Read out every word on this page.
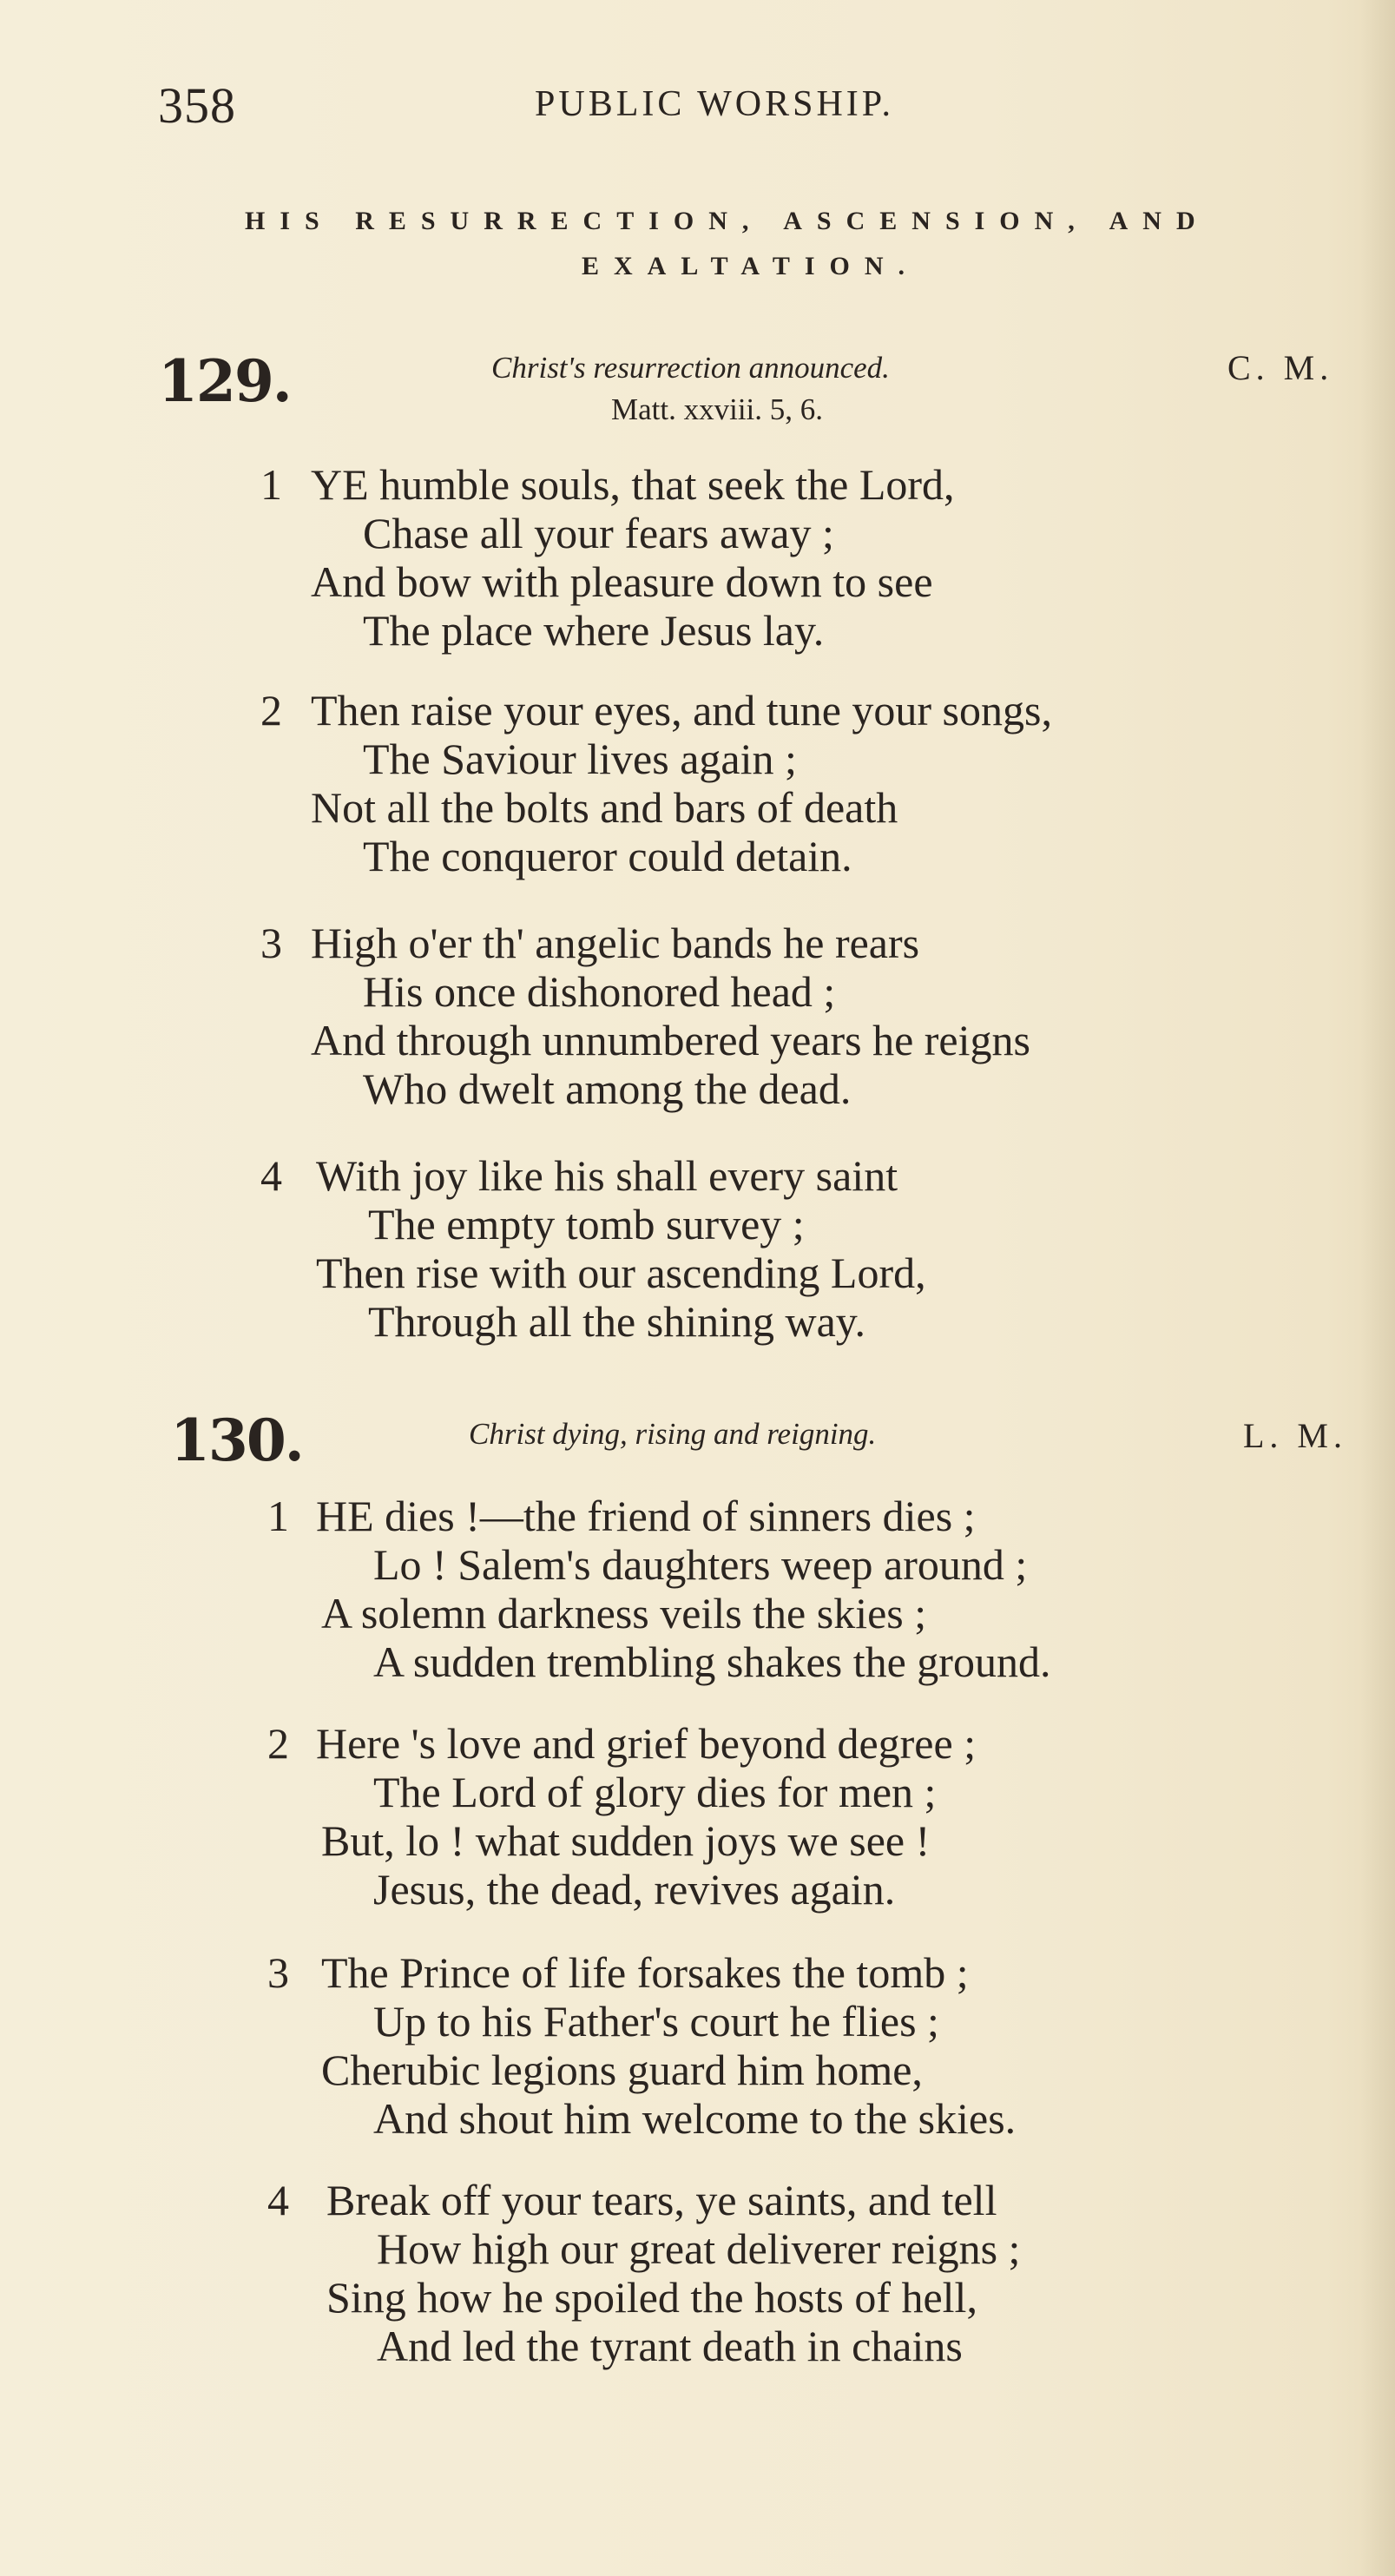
358	PUBLIC WORSHIP.
HIS RESURRECTION, ASCENSION, AND
EXALTATION.
129.	Christ's resurrection announced.	C. M.
Matt. xxviii. 5, 6.
1 YE humble souls, that seek the Lord,
Chase all your fears away ;
And bow with pleasure down to see
The place where Jesus lay.
2 Then raise your eyes, and tune your songs,
The Saviour lives again ;
Not all the bolts and bars of death
The conqueror could detain.
3 High o'er th' angelic bands he rears
His once dishonored head ;
And through unnumbered years he reigns
Who dwelt among the dead.
4 With joy like his shall every saint
The empty tomb survey ;
Then rise with our ascending Lord,
Through all the shining way.
130.	Christ dying, rising and reigning.	L. M.
1 HE dies !—the friend of sinners dies ;
Lo ! Salem's daughters weep around ;
A solemn darkness veils the skies ;
A sudden trembling shakes the ground.
2 Here 's love and grief beyond degree ;
The Lord of glory dies for men ;
But, lo ! what sudden joys we see !
Jesus, the dead, revives again.
3 The Prince of life forsakes the tomb ;
Up to his Father's court he flies ;
Cherubic legions guard him home,
And shout him welcome to the skies.
4 Break off your tears, ye saints, and tell
How high our great deliverer reigns ;
Sing how he spoiled the hosts of hell,
And led the tyrant death in chains
